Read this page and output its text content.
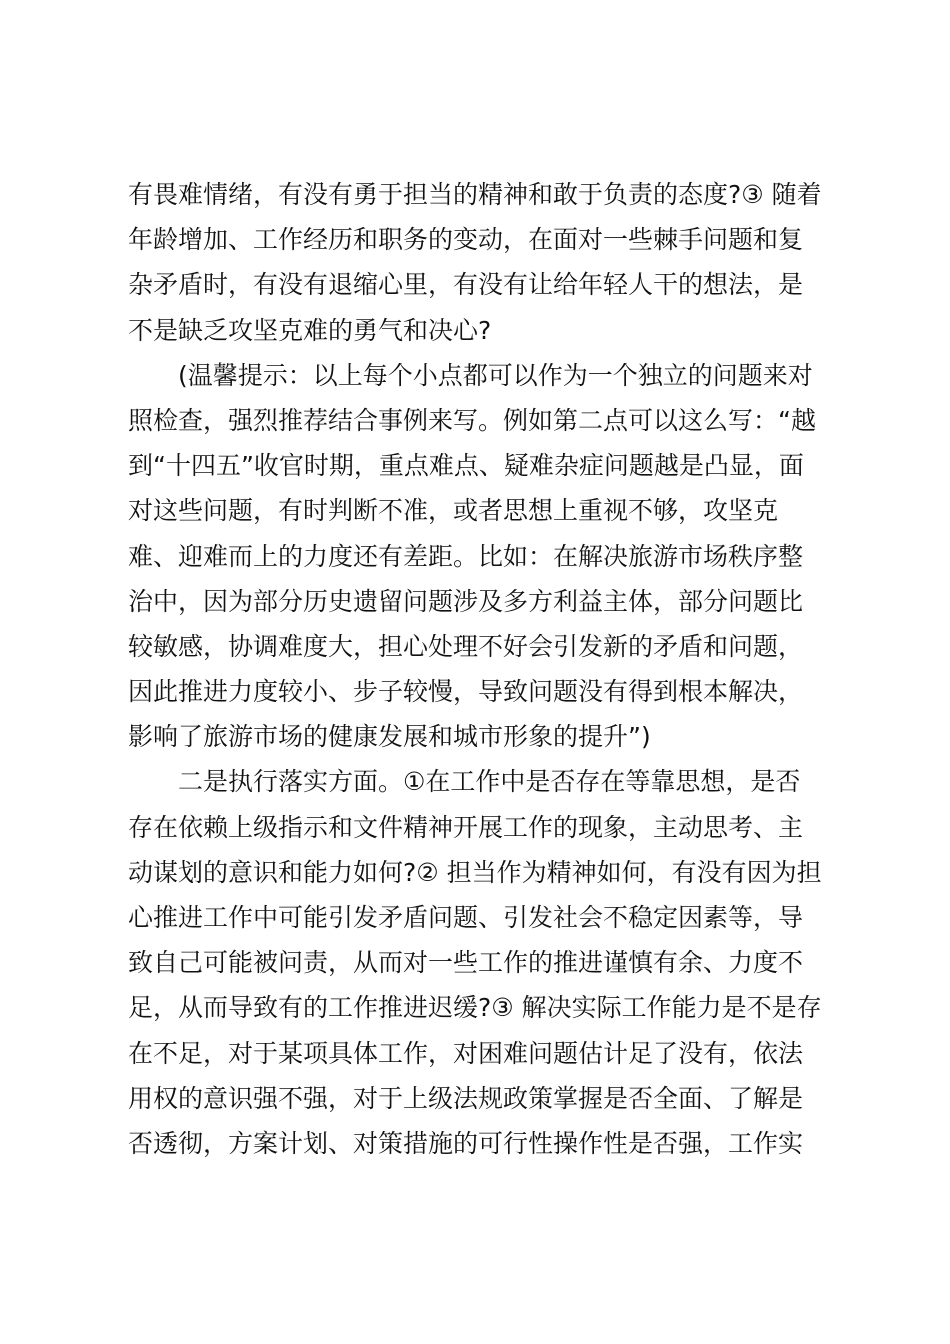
有畏难情绪，有没有勇于担当的精神和敢于负责的态度?③ 随着
年龄增加、工作经历和职务的变动，在面对一些棘手问题和复
杂矛盾时，有没有退缩心里，有没有让给年轻人干的想法，是
不是缺乏攻坚克难的勇气和决心?
(温馨提示：以上每个小点都可以作为一个独立的问题来对
照检查，强烈推荐结合事例来写。例如第二点可以这么写：“越
到“十四五”收官时期，重点难点、疑难杂症问题越是凸显，面
对这些问题，有时判断不准，或者思想上重视不够，攻坚克
难、迎难而上的力度还有差距。比如：在解决旅游市场秩序整
治中，因为部分历史遗留问题涉及多方利益主体，部分问题比
较敏感，协调难度大，担心处理不好会引发新的矛盾和问题，
因此推进力度较小、步子较慢，导致问题没有得到根本解决，
影响了旅游市场的健康发展和城市形象的提升”)
二是执行落实方面。①在工作中是否存在等靠思想，是否
存在依赖上级指示和文件精神开展工作的现象，主动思考、主
动谋划的意识和能力如何?② 担当作为精神如何，有没有因为担
心推进工作中可能引发矛盾问题、引发社会不稳定因素等，导
致自己可能被问责，从而对一些工作的推进谨慎有余、力度不
足，从而导致有的工作推进迟缓?③ 解决实际工作能力是不是存
在不足，对于某项具体工作，对困难问题估计足了没有，依法
用权的意识强不强，对于上级法规政策掌握是否全面、了解是
否透彻，方案计划、对策措施的可行性操作性是否强，工作实
